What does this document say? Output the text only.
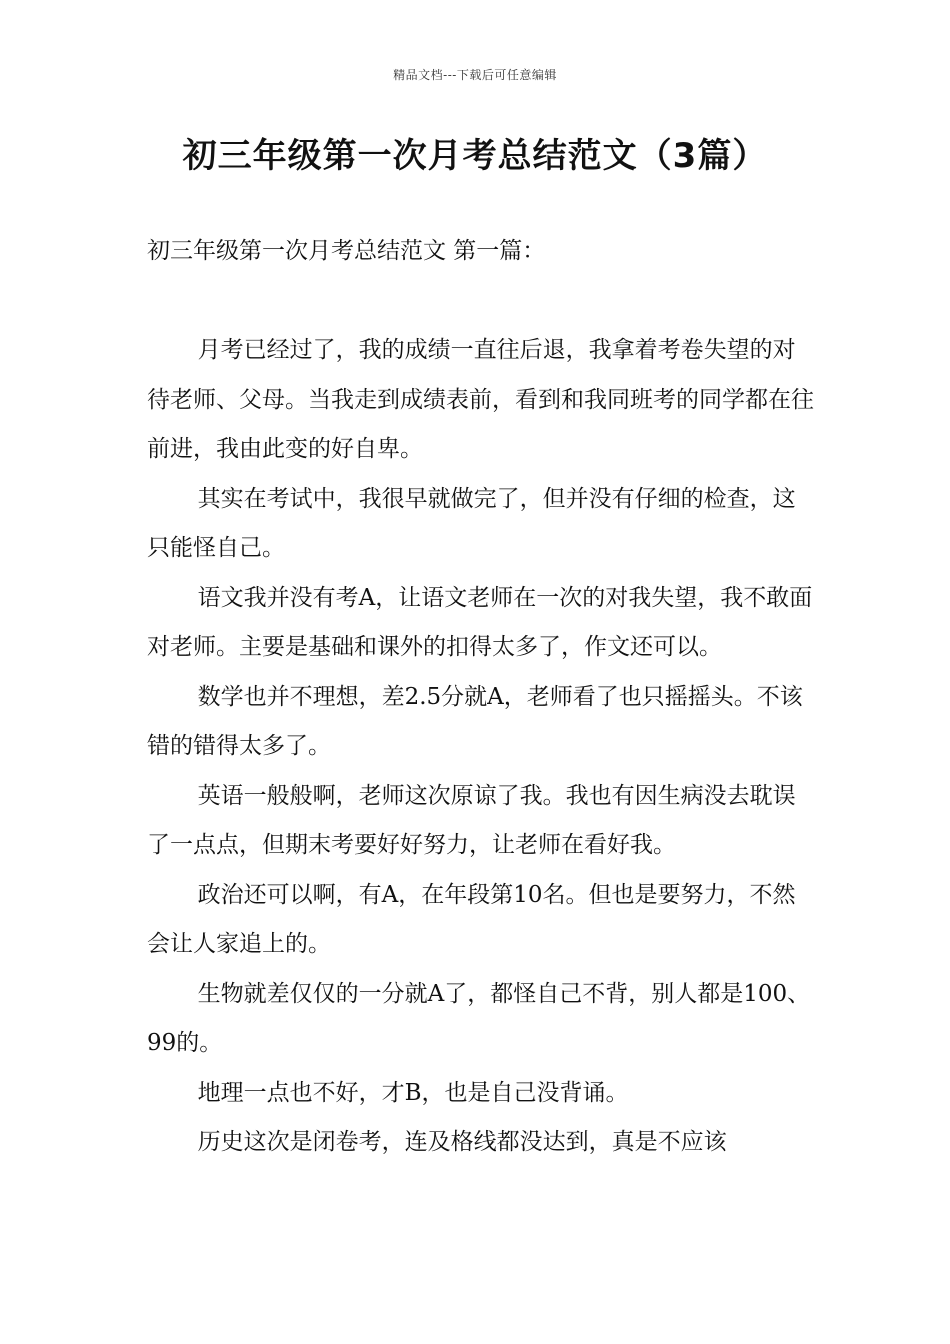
精品文档---下载后可任意编辑
初三年级第一次月考总结范文（3篇）

初三年级第一次月考总结范文 第一篇：

月考已经过了，我的成绩一直往后退，我拿着考卷失望的对待老师、父母。当我走到成绩表前，看到和我同班考的同学都在往前进，我由此变的好自卑。

其实在考试中，我很早就做完了，但并没有仔细的检查，这只能怪自己。

语文我并没有考A，让语文老师在一次的对我失望，我不敢面对老师。主要是基础和课外的扣得太多了，作文还可以。

数学也并不理想，差2.5分就A，老师看了也只摇摇头。不该错的错得太多了。

英语一般般啊，老师这次原谅了我。我也有因生病没去耽误了一点点，但期末考要好好努力，让老师在看好我。

政治还可以啊，有A，在年段第10名。但也是要努力，不然会让人家追上的。

生物就差仅仅的一分就A了，都怪自己不背，别人都是100、99的。

地理一点也不好，才B，也是自己没背诵。

历史这次是闭卷考，连及格线都没达到，真是不应该
